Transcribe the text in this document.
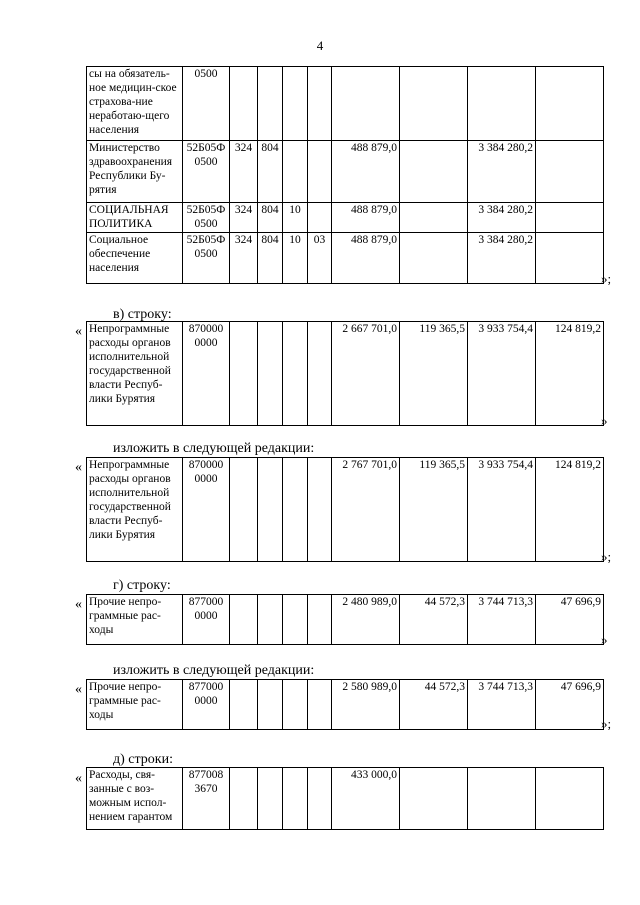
4
сы на обязатель-ное медицин-ское страхова-ние неработаю-щего населения	0500								
Министерство здравоохранения Республики Бу-рятия	52Б05Ф 0500	324	804			488 879,0		3 384 280,2	
СОЦИАЛЬНАЯ ПОЛИТИКА	52Б05Ф 0500	324	804	10		488 879,0		3 384 280,2	
Социальное обеспечение населения	52Б05Ф 0500	324	804	10	03	488 879,0		3 384 280,2	
»;
в) строку:
« Непрограммные расходы органов исполнительной государственной власти Респуб-лики Бурятия	870000 0000					2 667 701,0	119 365,5	3 933 754,4	124 819,2
»
изложить в следующей редакции:
« Непрограммные расходы органов исполнительной государственной власти Респуб-лики Бурятия	870000 0000					2 767 701,0	119 365,5	3 933 754,4	124 819,2
»;
г) строку:
« Прочие непро-граммные рас-ходы	877000 0000					2 480 989,0	44 572,3	3 744 713,3	47 696,9
»
изложить в следующей редакции:
« Прочие непро-граммные рас-ходы	877000 0000					2 580 989,0	44 572,3	3 744 713,3	47 696,9
»;
д) строки:
« Расходы, свя-занные с воз-можным испол-нением гарантом	877008 3670					433 000,0			
